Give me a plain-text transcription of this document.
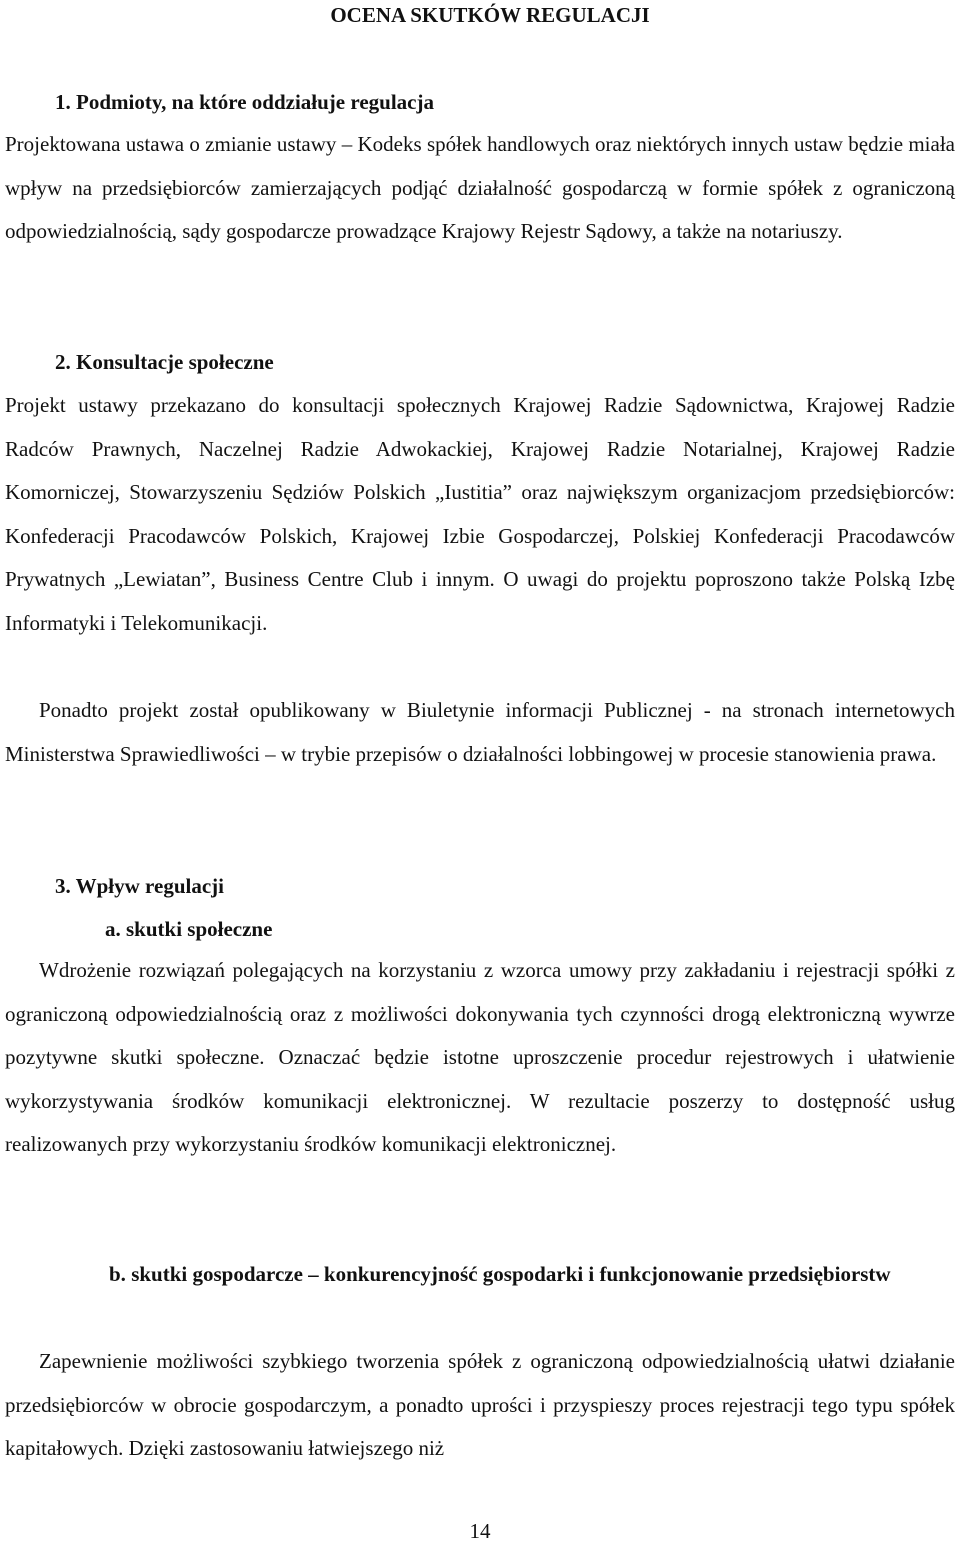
OCENA SKUTKÓW REGULACJI
1. Podmioty, na które oddziałuje regulacja
Projektowana ustawa o zmianie ustawy – Kodeks spółek handlowych oraz niektórych innych ustaw będzie miała wpływ na przedsiębiorców zamierzających podjąć działalność gospodarczą w formie spółek z ograniczoną odpowiedzialnością, sądy gospodarcze prowadzące Krajowy Rejestr Sądowy, a także na notariuszy.
2. Konsultacje społeczne
Projekt ustawy przekazano do konsultacji społecznych Krajowej Radzie Sądownictwa, Krajowej Radzie Radców Prawnych, Naczelnej Radzie Adwokackiej, Krajowej Radzie Notarialnej, Krajowej Radzie Komorniczej, Stowarzyszeniu Sędziów Polskich „Iustitia” oraz największym organizacjom przedsiębiorców: Konfederacji Pracodawców Polskich, Krajowej Izbie Gospodarczej, Polskiej Konfederacji Pracodawców Prywatnych „Lewiatan”, Business Centre Club i innym. O uwagi do projektu poproszono także Polską Izbę Informatyki i Telekomunikacji.
Ponadto projekt został opublikowany w Biuletynie informacji Publicznej - na stronach internetowych Ministerstwa Sprawiedliwości – w trybie przepisów o działalności lobbingowej w procesie stanowienia prawa.
3. Wpływ regulacji
a. skutki społeczne
Wdrożenie rozwiązań polegających na korzystaniu z wzorca umowy przy zakładaniu i rejestracji spółki z ograniczoną odpowiedzialnością oraz z możliwości dokonywania tych czynności drogą elektroniczną wywrze pozytywne skutki społeczne. Oznaczać będzie istotne uproszczenie procedur rejestrowych i ułatwienie wykorzystywania środków komunikacji elektronicznej. W rezultacie poszerzy to dostępność usług realizowanych przy wykorzystaniu środków komunikacji elektronicznej.
b. skutki gospodarcze – konkurencyjność gospodarki i funkcjonowanie przedsiębiorstw
Zapewnienie możliwości szybkiego tworzenia spółek z ograniczoną odpowiedzialnością ułatwi działanie przedsiębiorców w obrocie gospodarczym, a ponadto uprości i przyspieszy proces rejestracji tego typu spółek kapitałowych. Dzięki zastosowaniu łatwiejszego niż
14
